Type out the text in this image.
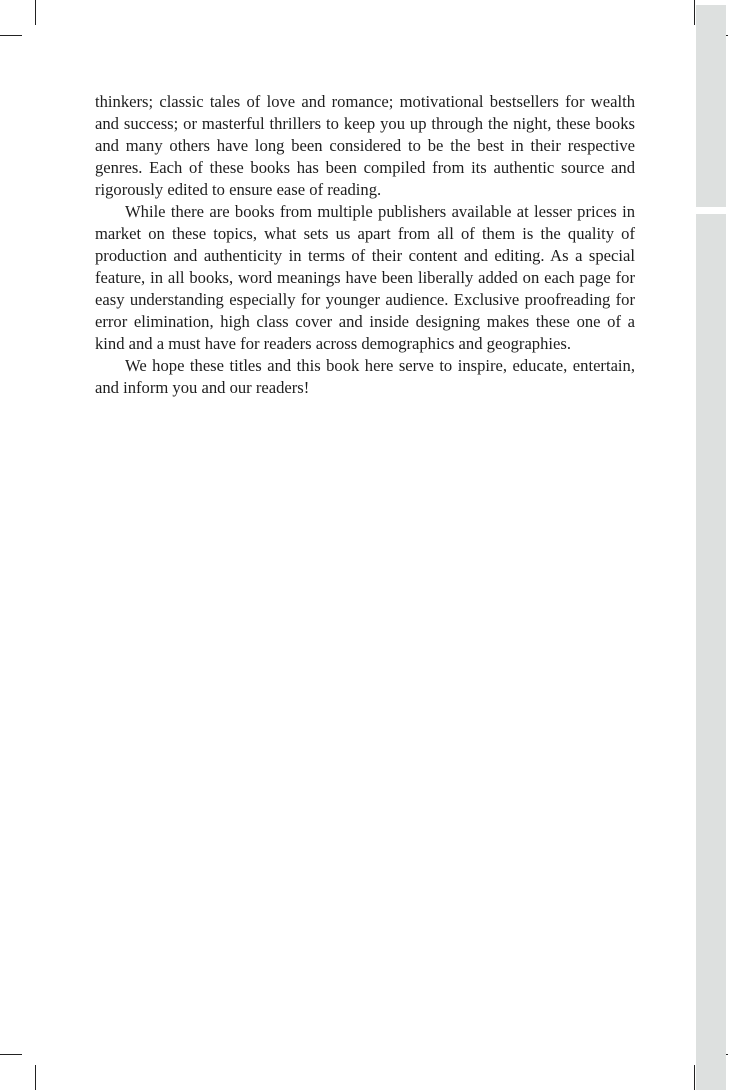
thinkers; classic tales of love and romance; motivational bestsellers for wealth and success; or masterful thrillers to keep you up through the night, these books and many others have long been considered to be the best in their respective genres. Each of these books has been compiled from its authentic source and rigorously edited to ensure ease of reading.

While there are books from multiple publishers available at lesser prices in market on these topics, what sets us apart from all of them is the quality of production and authenticity in terms of their content and editing. As a special feature, in all books, word meanings have been liberally added on each page for easy understanding especially for younger audience. Exclusive proofreading for error elimination, high class cover and inside designing makes these one of a kind and a must have for readers across demographics and geographies.

We hope these titles and this book here serve to inspire, educate, entertain, and inform you and our readers!
